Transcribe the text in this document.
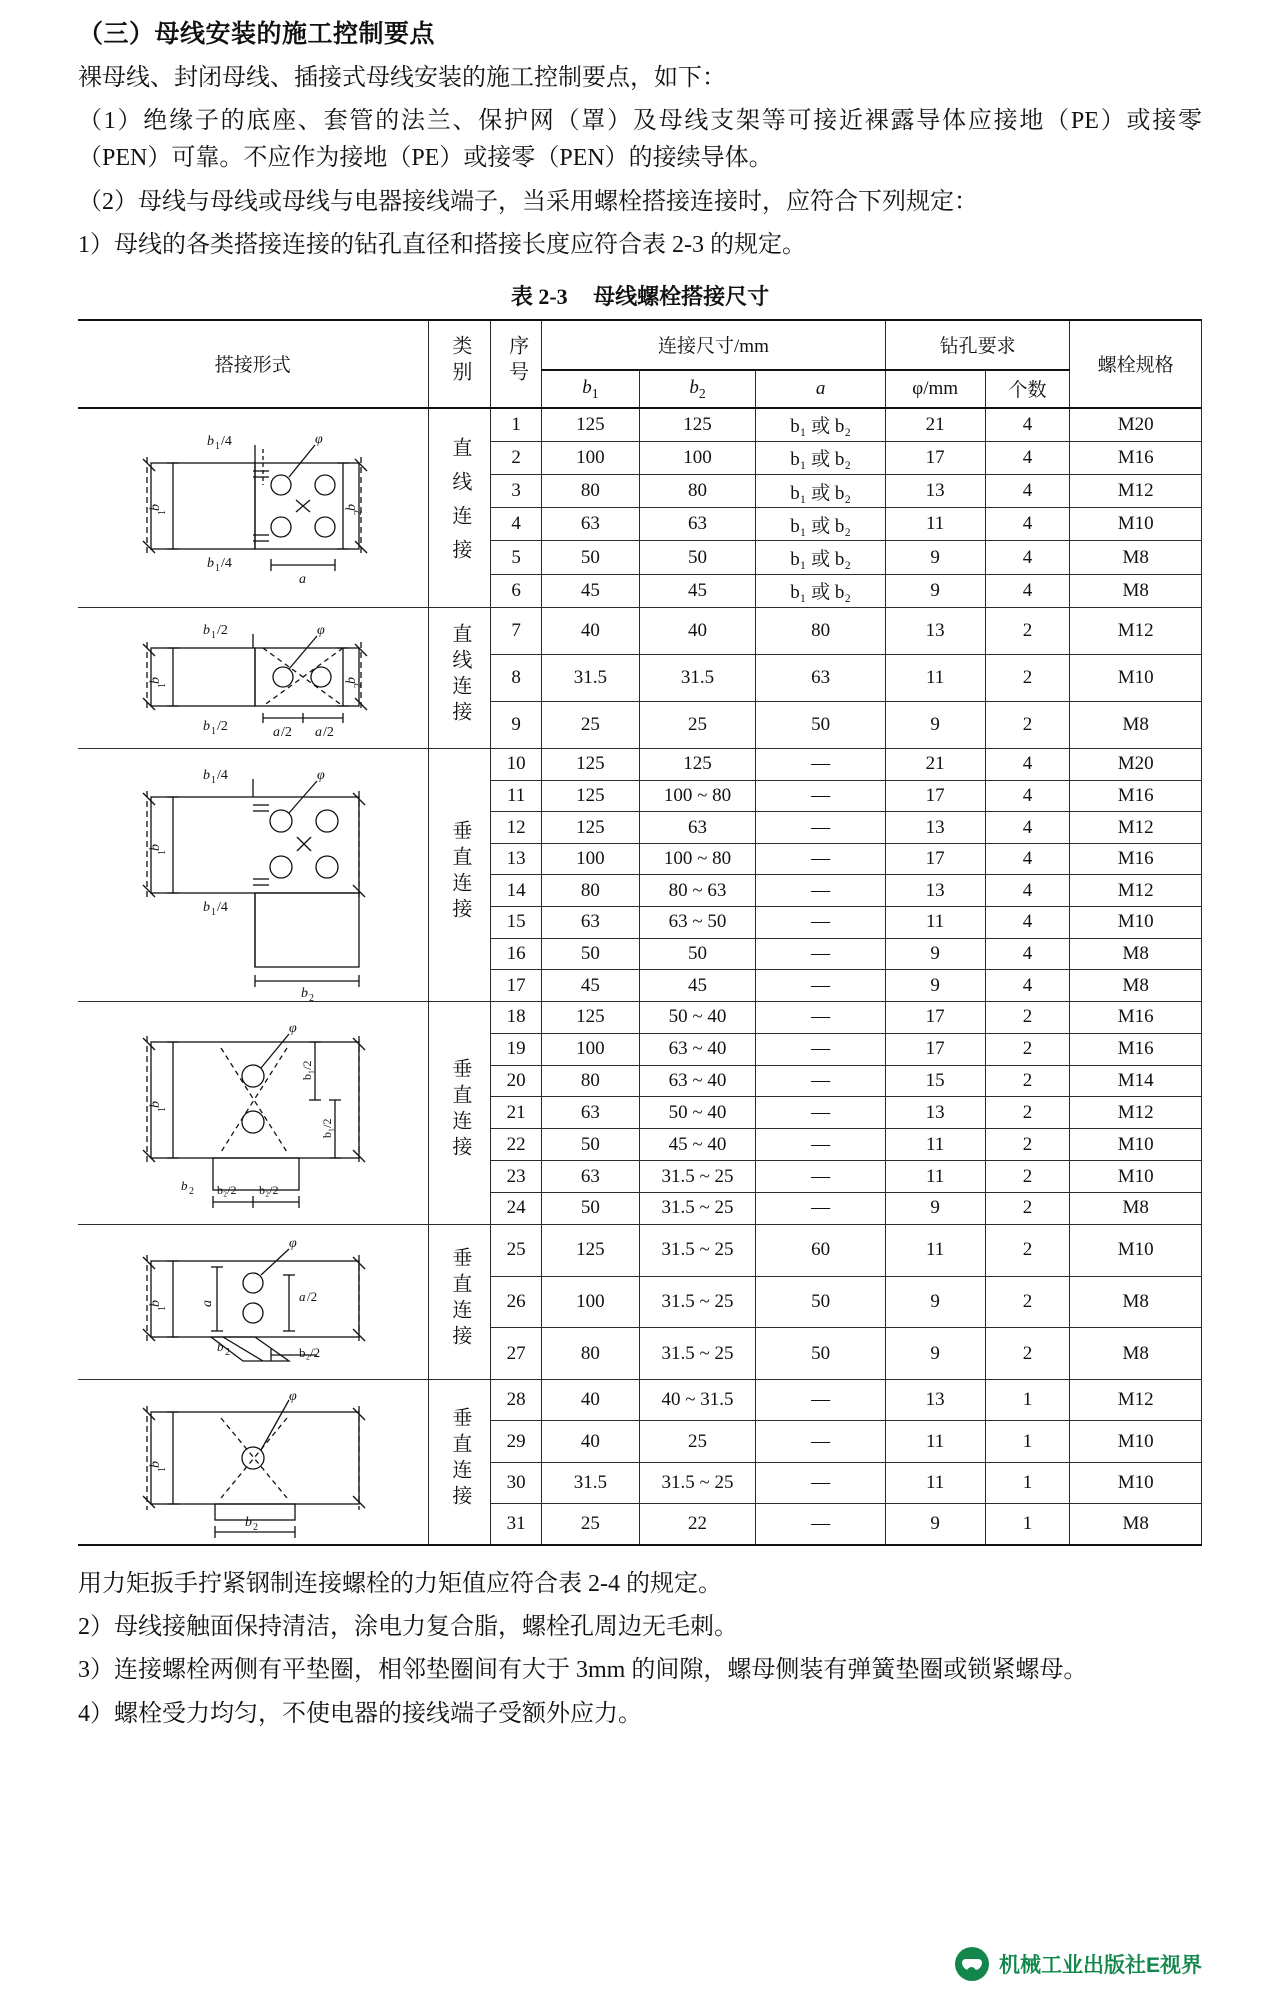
（三）母线安装的施工控制要点

裸母线、封闭母线、插接式母线安装的施工控制要点，如下：

（1）绝缘子的底座、套管的法兰、保护网（罩）及母线支架等可接近裸露导体应接地（PE）或接零（PEN）可靠。不应作为接地（PE）或接零（PEN）的接续导体。

（2）母线与母线或母线与电器接线端子，当采用螺栓搭接连接时，应符合下列规定：

1）母线的各类搭接连接的钻孔直径和搭接长度应符合表 2-3 的规定。

表 2-3 母线螺栓搭接尺寸
搭接形式	类别	序号	连接尺寸/mm			钻孔要求		螺栓规格
			$b_1$	$b_2$	a	φ/mm	个数	

b 1 /4
b 1 /4
a
φ
b
1
b
2	直线连接	1	125	125	b₁ 或 b₂	21	4	M20
		2	100	100	b₁ 或 b₂	17	4	M16
		3	80	80	b₁ 或 b₂	13	4	M12
		4	63	63	b₁ 或 b₂	11	4	M10
		5	50	50	b₁ 或 b₂	9	4	M8
		6	45	45	b₁ 或 b₂	9	4	M8

b 1 /2
b 1 /2	a /2 a /2
φ
b
1
b
2	直线连接	7	40	40	80	13	2	M12
		8	31.5	31.5	63	11	2	M10
		9	25	25	50	9	2	M8

b 1 /4
b 1 /4
φ
b
1
b 2
	垂直连接	10	125	125	—	21	4	M20
		11	125	100 ~ 80	—	17	4	M16
		12	125	63	—	13	4	M12
		13	100	100 ~ 80	—	17	4	M16
		14	80	80 ~ 63	—	13	4	M12
		15	63	63 ~ 50	—	11	4	M10
		16	50	50	—	9	4	M8
		17	45	45	—	9	4	M8

φ
b
1
b₁/2
b₁/2
b₂/2 b₂/2
b 2
	垂直连接	18	125	50 ~ 40	—	17	2	M16
		19	100	63 ~ 40	—	17	2	M16
		20	80	63 ~ 40	—	15	2	M14
		21	63	50 ~ 40	—	13	2	M12
		22	50	45 ~ 40	—	11	2	M10
		23	63	31.5 ~ 25	—	11	2	M10
		24	50	31.5 ~ 25	—	9	2	M8

φ
b
1
a	a /2
b 2	b₂/2
	垂直连接	25	125	31.5 ~ 25	60	11	2	M10
		26	100	31.5 ~ 25	50	9	2	M8
		27	80	31.5 ~ 25	50	9	2	M8

φ
b
1
b 2	垂直连接	28	40	40 ~ 31.5	—	13	1	M12
		29	40	25	—	11	1	M10
		30	31.5	31.5 ~ 25	—	11	1	M10
		31	25	22	—	9	1	M8

用力矩扳手拧紧钢制连接螺栓的力矩值应符合表 2-4 的规定。

2）母线接触面保持清洁，涂电力复合脂，螺栓孔周边无毛刺。

3）连接螺栓两侧有平垫圈，相邻垫圈间有大于 3mm 的间隙，螺母侧装有弹簧垫圈或锁紧螺母。

4）螺栓受力均匀，不使电器的接线端子受额外应力。

机械工业出版社E视界
